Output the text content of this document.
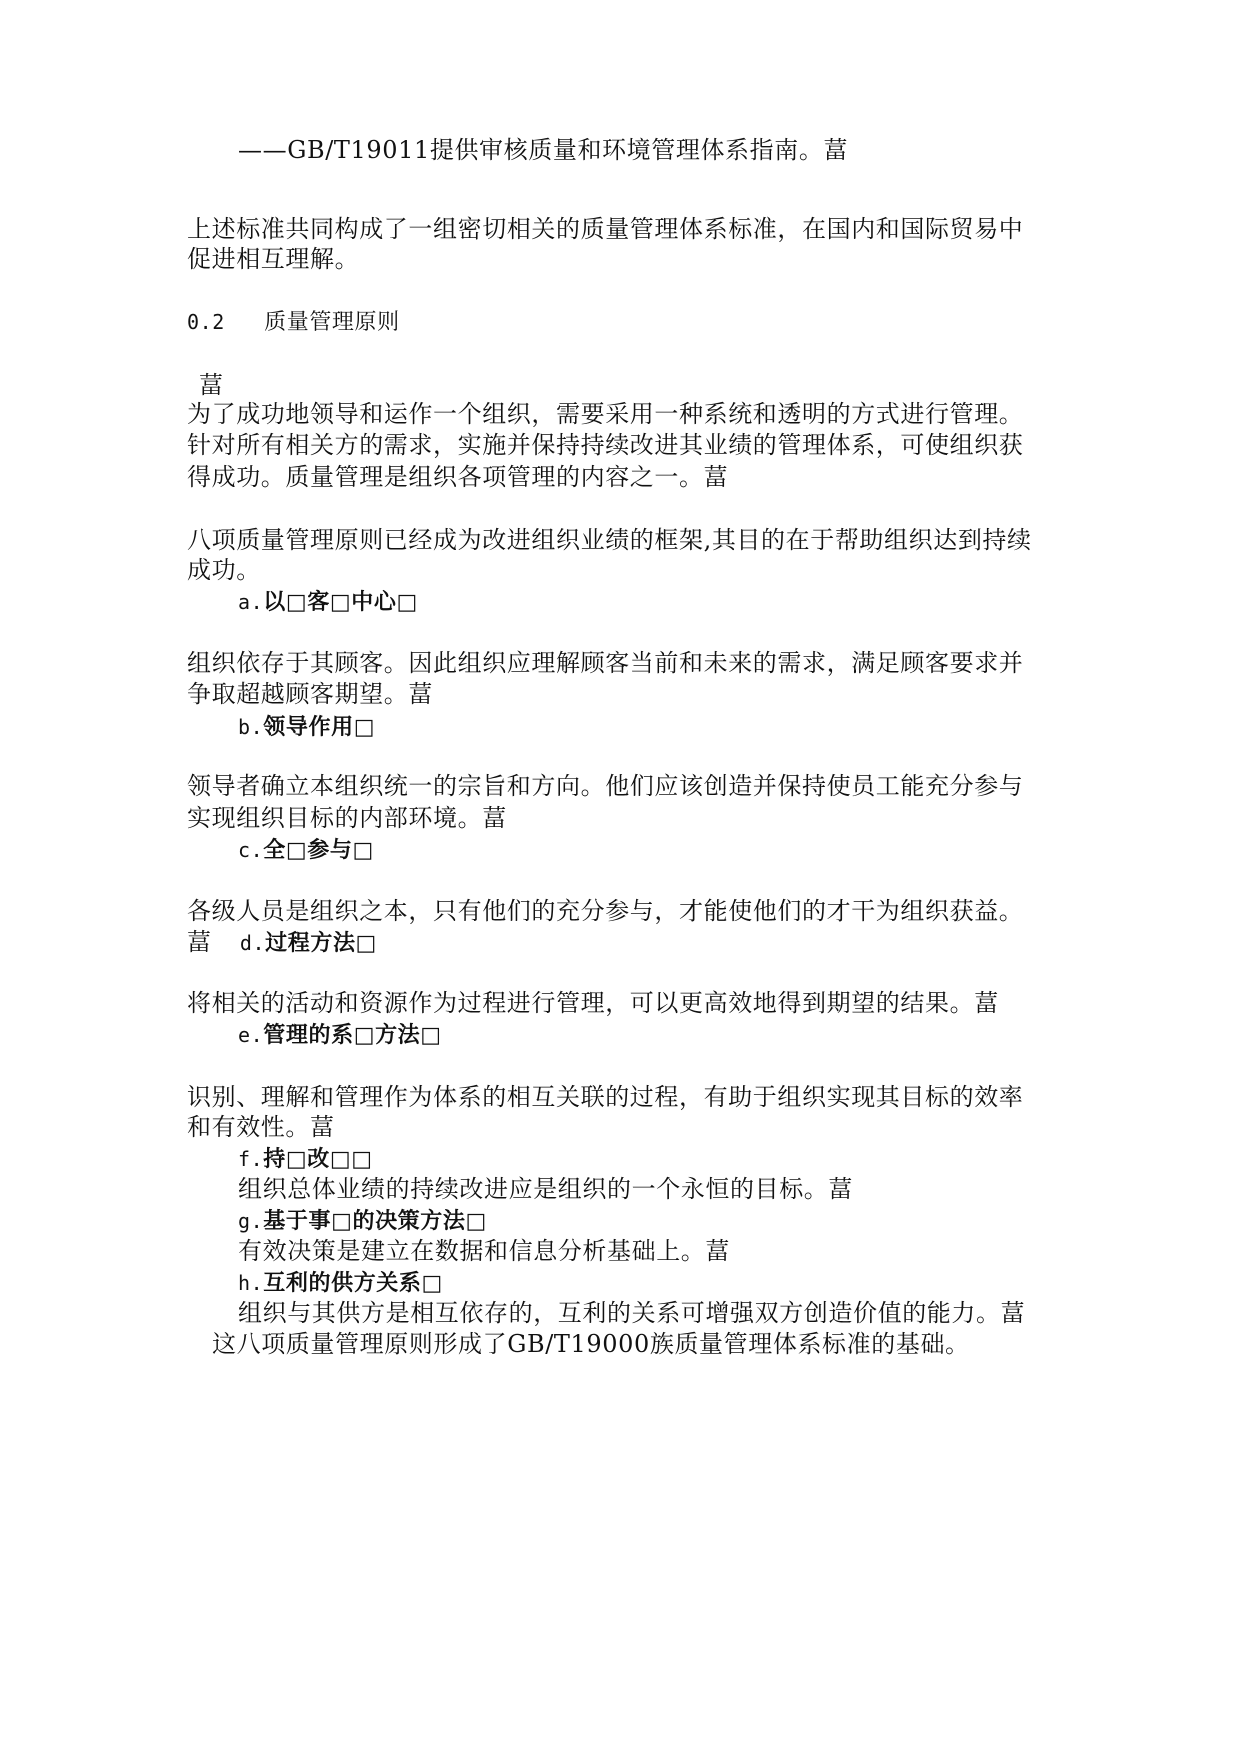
——GB/T19011提供审核质量和环境管理体系指南。葍
上述标准共同构成了一组密切相关的质量管理体系标准，在国内和国际贸易中
促进相互理解。
0.2 质量管理原则
葍
为了成功地领导和运作一个组织，需要采用一种系统和透明的方式进行管理。
针对所有相关方的需求，实施并保持持续改进其业绩的管理体系，可使组织获
得成功。质量管理是组织各项管理的内容之一。葍
八项质量管理原则已经成为改进组织业绩的框架,其目的在于帮助组织达到持续
成功。
a.以□客□中心□
组织依存于其顾客。因此组织应理解顾客当前和未来的需求，满足顾客要求并
争取超越顾客期望。葍
b.领导作用□
领导者确立本组织统一的宗旨和方向。他们应该创造并保持使员工能充分参与
实现组织目标的内部环境。葍
c.全□参与□
各级人员是组织之本，只有他们的充分参与，才能使他们的才干为组织获益。
葍 d.过程方法□
将相关的活动和资源作为过程进行管理，可以更高效地得到期望的结果。葍
e.管理的系□方法□
识别、理解和管理作为体系的相互关联的过程，有助于组织实现其目标的效率
和有效性。葍
f.持□改□□
组织总体业绩的持续改进应是组织的一个永恒的目标。葍
g.基于事□的决策方法□
有效决策是建立在数据和信息分析基础上。葍
h.互利的供方关系□
组织与其供方是相互依存的，互利的关系可增强双方创造价值的能力。葍
这八项质量管理原则形成了GB/T19000族质量管理体系标准的基础。
